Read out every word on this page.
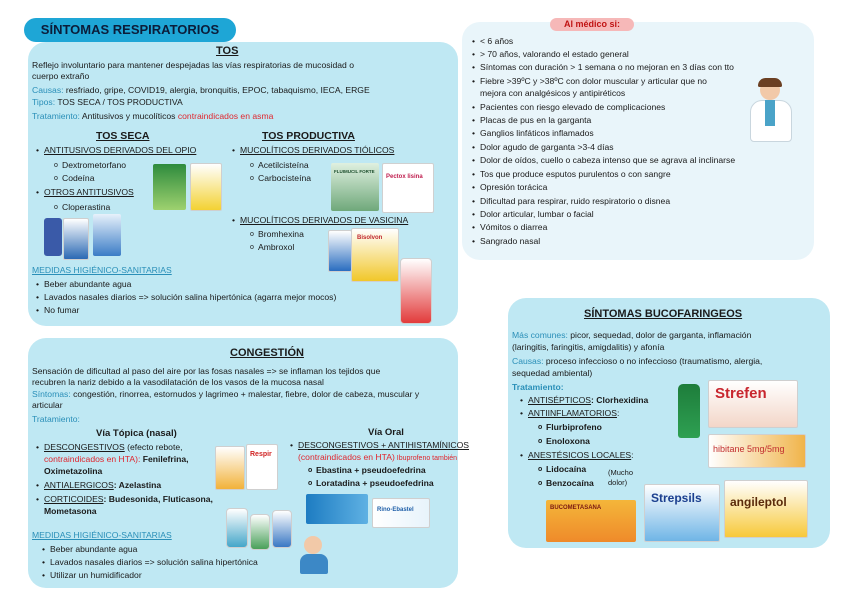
SÍNTOMAS RESPIRATORIOS
TOS
Reflejo involuntario para mantener despejadas las vías respiratorias de mucosidad o
cuerpo extraño
Causas: resfriado, gripe, COVID19, alergia, bronquitis, EPOC, tabaquismo, IECA, ERGE
Tipos: TOS SECA / TOS PRODUCTIVA
Tratamiento: Antitusivos y mucolíticos contraindicados en asma
TOS SECA	TOS PRODUCTIVA
• ANTITUSIVOS DERIVADOS DEL OPIO
o Dextrometorfano
o Codeína
• OTROS ANTITUSIVOS
o Cloperastina
• MUCOLÍTICOS DERIVADOS TIÓLICOS
o Acetilcisteína
o Carbocisteína
• MUCOLÍTICOS DERIVADOS DE VASICINA
o Bromhexina
o Ambroxol
FLUIMUCIL FORTE
Pectox lisina
Bisolvon
MEDIDAS HIGIÉNICO-SANITARIAS
• Beber abundante agua
• Lavados nasales diarios => solución salina hipertónica (agarra mejor mocos)
• No fumar
Al médico si:
• < 6 años
• > 70 años, valorando el estado general
• Síntomas con duración > 1 semana o no mejoran en 3 días con tto
• Fiebre >39ºC y >38ºC con dolor muscular y articular que no
mejora con analgésicos y antipiréticos
• Pacientes con riesgo elevado de complicaciones
• Placas de pus en la garganta
• Ganglios linfáticos inflamados
• Dolor agudo de garganta >3-4 días
• Dolor de oídos, cuello o cabeza intenso que se agrava al inclinarse
• Tos que produce esputos purulentos o con sangre
• Opresión torácica
• Dificultad para respirar, ruido respiratorio o disnea
• Dolor articular, lumbar o facial
• Vómitos o diarrea
• Sangrado nasal
CONGESTIÓN
Sensación de dificultad al paso del aire por las fosas nasales => se inflaman los tejidos que
recubren la nariz debido a la vasodilatación de los vasos de la mucosa nasal
Síntomas: congestión, rinorrea, estornudos y lagrimeo + malestar, fiebre, dolor de cabeza, muscular y
articular
Tratamiento:
Vía Tópica (nasal)	Vía Oral
• DESCONGESTIVOS (efecto rebote,
contraindicados en HTA): Fenilefrina,
Oximetazolina
• ANTIALERGICOS: Azelastina
• CORTICOIDES: Budesonida, Fluticasona,
Mometasona
• DESCONGESTIVOS + ANTIHISTAMÍNICOS
(contraindicados en HTA) Ibuprofeno también
o Ebastina + pseudoefedrina
o Loratadina + pseudoefedrina
Respir
Rino-Ebastel
MEDIDAS HIGIÉNICO-SANITARIAS
• Beber abundante agua
• Lavados nasales diarios => solución salina hipertónica
• Utilizar un humidificador
SÍNTOMAS BUCOFARINGEOS
Más comunes: picor, sequedad, dolor de garganta, inflamación
(laringitis, faringitis, amigdalitis) y afonía
Causas: proceso infeccioso o no infeccioso (traumatismo, alergia,
sequedad ambiental)
Tratamiento:
• ANTISÉPTICOS: Clorhexidina
• ANTIINFLAMATORIOS:
o Flurbiprofeno
o Enoloxona
• ANESTÉSICOS LOCALES:
o Lidocaína
o Benzocaína
(Mucho
dolor)
Strefen
hibitane 5mg/5mg
BUCOMETASANA
Strepsils angileptol
